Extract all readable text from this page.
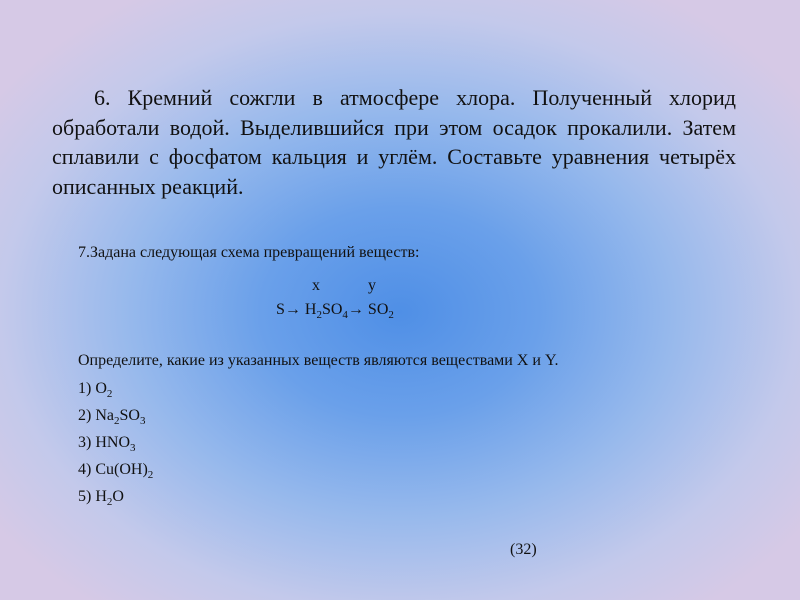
6. Кремний сожгли в атмосфере хлора. Полученный хлорид обработали водой. Выделившийся при этом осадок прокалили. Затем сплавили с фосфатом кальция и углём. Составьте уравнения четырёх описанных реакций.

7.Задана следующая схема превращений веществ:
x	y
$S\to H_2SO_4\to SO_2$
Определите, какие из указанных веществ являются веществами X и Y.
1) $O_2$
2) $Na_2SO_3$
3) $HNO_3$
4) $Cu(OH)_2$
5) $H_2O$
(32)
